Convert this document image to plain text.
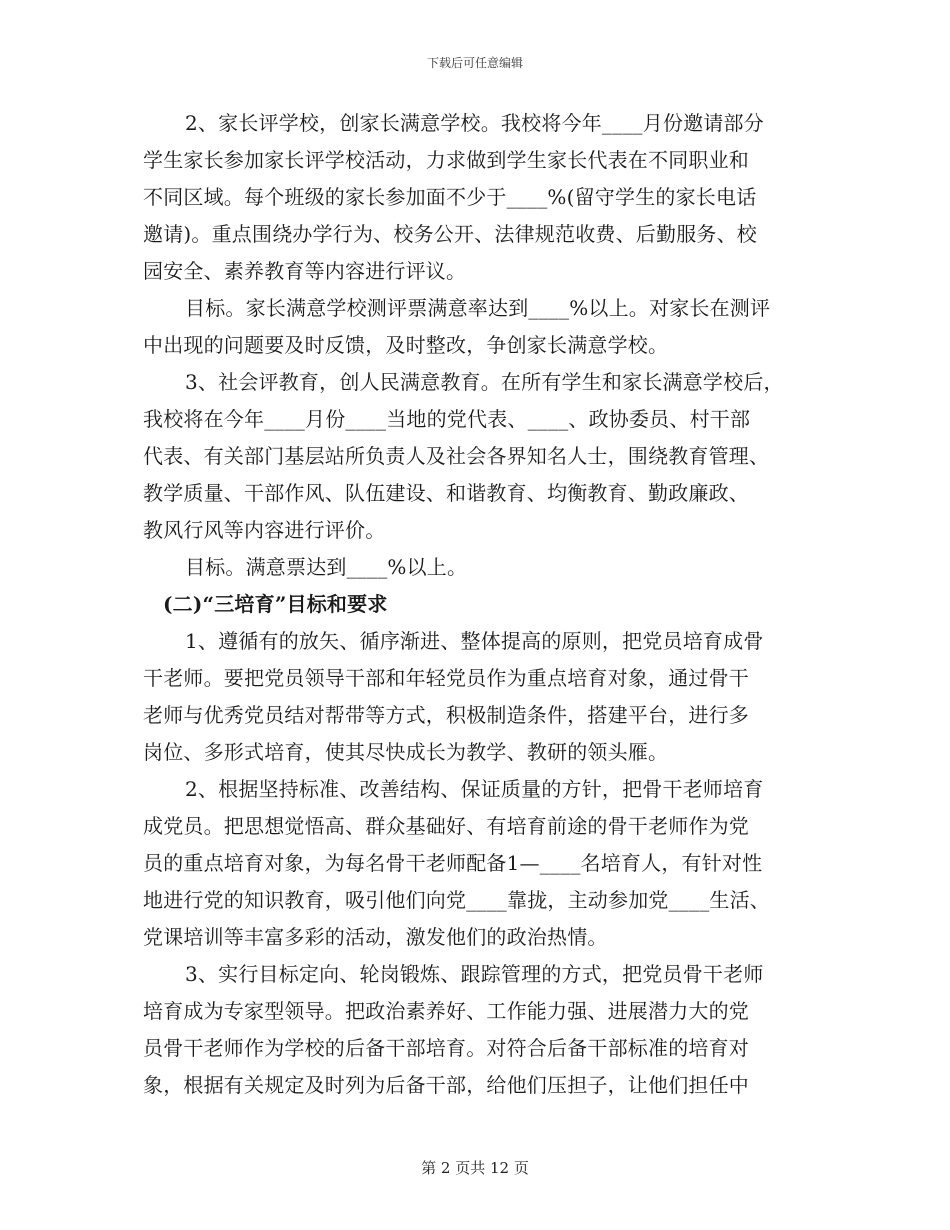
下载后可任意编辑
2、家长评学校，创家长满意学校。我校将今年____月份邀请部分
学生家长参加家长评学校活动，力求做到学生家长代表在不同职业和
不同区域。每个班级的家长参加面不少于____%(留守学生的家长电话
邀请)。重点围绕办学行为、校务公开、法律规范收费、后勤服务、校
园安全、素养教育等内容进行评议。
目标。家长满意学校测评票满意率达到____%以上。对家长在测评
中出现的问题要及时反馈，及时整改，争创家长满意学校。
3、社会评教育，创人民满意教育。在所有学生和家长满意学校后，
我校将在今年____月份____当地的党代表、____、政协委员、村干部
代表、有关部门基层站所负责人及社会各界知名人士，围绕教育管理、
教学质量、干部作风、队伍建设、和谐教育、均衡教育、勤政廉政、
教风行风等内容进行评价。
目标。满意票达到____%以上。
(二)“三培育”目标和要求
1、遵循有的放矢、循序渐进、整体提高的原则，把党员培育成骨
干老师。要把党员领导干部和年轻党员作为重点培育对象，通过骨干
老师与优秀党员结对帮带等方式，积极制造条件，搭建平台，进行多
岗位、多形式培育，使其尽快成长为教学、教研的领头雁。
2、根据坚持标准、改善结构、保证质量的方针，把骨干老师培育
成党员。把思想觉悟高、群众基础好、有培育前途的骨干老师作为党
员的重点培育对象，为每名骨干老师配备1—____名培育人，有针对性
地进行党的知识教育，吸引他们向党____靠拢，主动参加党____生活、
党课培训等丰富多彩的活动，激发他们的政治热情。
3、实行目标定向、轮岗锻炼、跟踪管理的方式，把党员骨干老师
培育成为专家型领导。把政治素养好、工作能力强、进展潜力大的党
员骨干老师作为学校的后备干部培育。对符合后备干部标准的培育对
象，根据有关规定及时列为后备干部，给他们压担子，让他们担任中
第 2 页共 12 页
